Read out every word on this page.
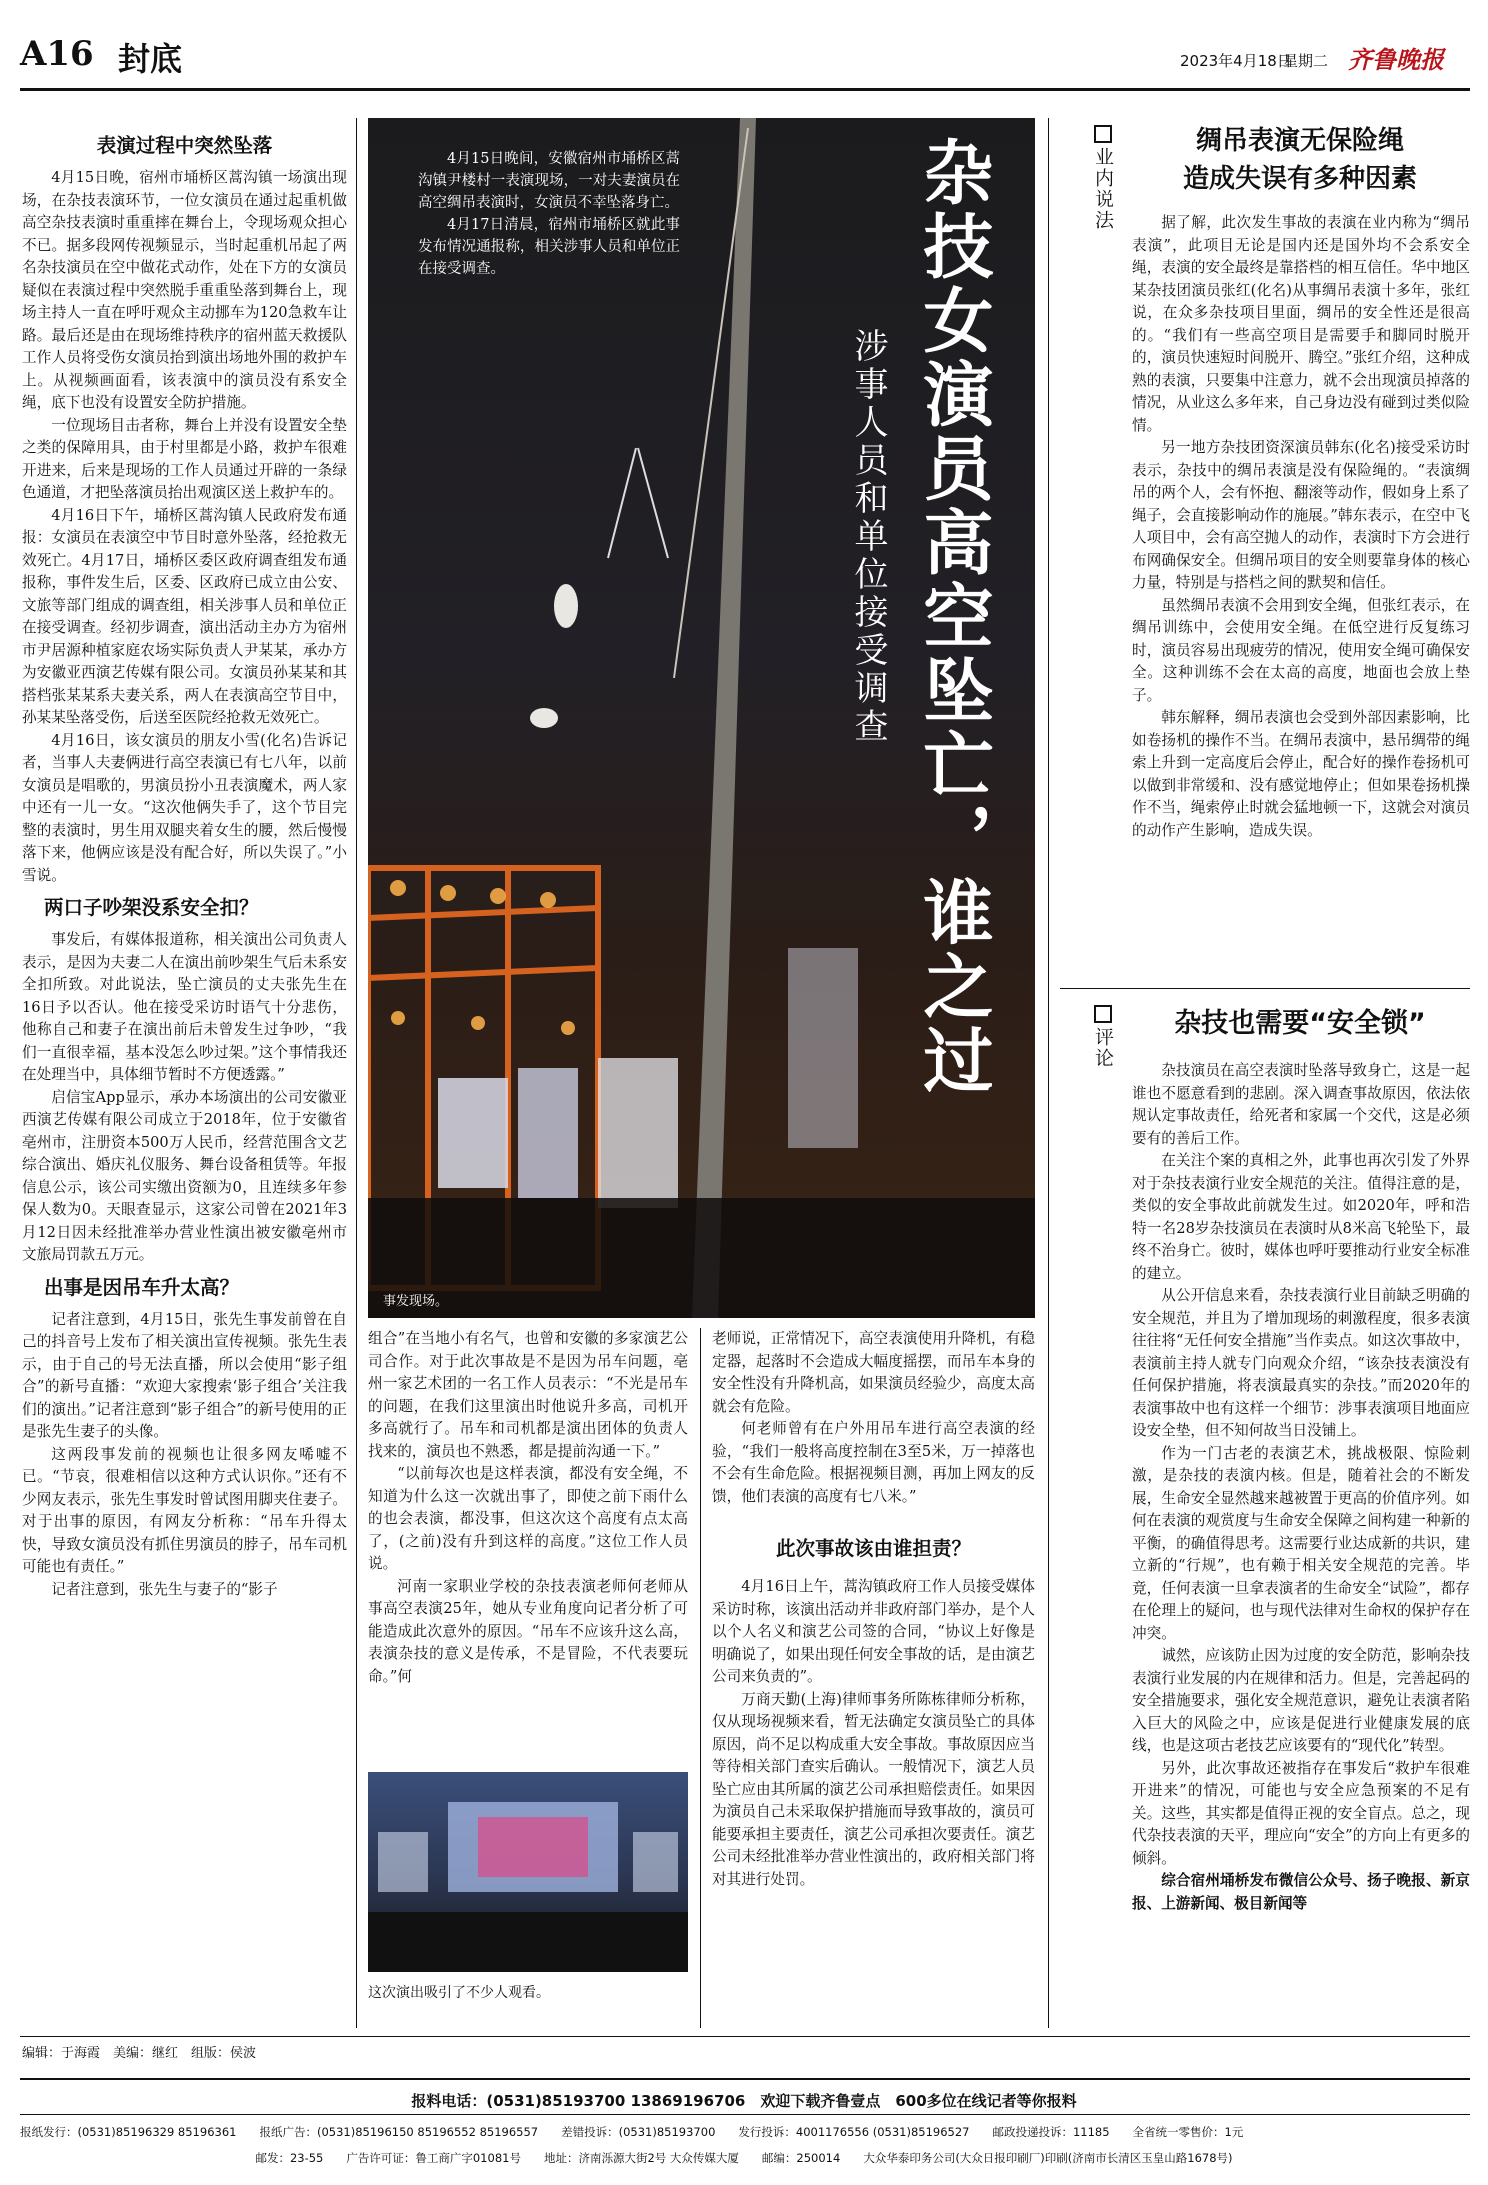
A16 封底	2023年4月18日
星期二 齐鲁晚报
表演过程中突然坠落

4月15日晚，宿州市埇桥区蒿沟镇一场演出现场，在杂技表演环节，一位女演员在通过起重机做高空杂技表演时重重摔在舞台上，令现场观众担心不已。据多段网传视频显示，当时起重机吊起了两名杂技演员在空中做花式动作，处在下方的女演员疑似在表演过程中突然脱手重重坠落到舞台上，现场主持人一直在呼吁观众主动挪车为120急救车让路。最后还是由在现场维持秩序的宿州蓝天救援队工作人员将受伤女演员抬到演出场地外围的救护车上。从视频画面看，该表演中的演员没有系安全绳，底下也没有设置安全防护措施。

一位现场目击者称，舞台上并没有设置安全垫之类的保障用具，由于村里都是小路，救护车很难开进来，后来是现场的工作人员通过开辟的一条绿色通道，才把坠落演员抬出观演区送上救护车的。

4月16日下午，埇桥区蒿沟镇人民政府发布通报：女演员在表演空中节目时意外坠落，经抢救无效死亡。4月17日，埇桥区委区政府调查组发布通报称，事件发生后，区委、区政府已成立由公安、文旅等部门组成的调查组，相关涉事人员和单位正在接受调查。经初步调查，演出活动主办方为宿州市尹居源种植家庭农场实际负责人尹某某，承办方为安徽亚西演艺传媒有限公司。女演员孙某某和其搭档张某某系夫妻关系，两人在表演高空节目中，孙某某坠落受伤，后送至医院经抢救无效死亡。

4月16日，该女演员的朋友小雪(化名)告诉记者，当事人夫妻俩进行高空表演已有七八年，以前女演员是唱歌的，男演员扮小丑表演魔术，两人家中还有一儿一女。“这次他俩失手了，这个节目完整的表演时，男生用双腿夹着女生的腰，然后慢慢落下来，他俩应该是没有配合好，所以失误了。”小雪说。

两口子吵架没系安全扣？

事发后，有媒体报道称，相关演出公司负责人表示，是因为夫妻二人在演出前吵架生气后未系安全扣所致。对此说法，坠亡演员的丈夫张先生在16日予以否认。他在接受采访时语气十分悲伤，他称自己和妻子在演出前后未曾发生过争吵，“我们一直很幸福，基本没怎么吵过架。”这个事情我还在处理当中，具体细节暂时不方便透露。”

启信宝App显示，承办本场演出的公司安徽亚西演艺传媒有限公司成立于2018年，位于安徽省亳州市，注册资本500万人民币，经营范围含文艺综合演出、婚庆礼仪服务、舞台设备租赁等。年报信息公示，该公司实缴出资额为0，且连续多年参保人数为0。天眼查显示，这家公司曾在2021年3月12日因未经批准举办营业性演出被安徽亳州市文旅局罚款五万元。

出事是因吊车升太高？

记者注意到，4月15日，张先生事发前曾在自己的抖音号上发布了相关演出宣传视频。张先生表示，由于自己的号无法直播，所以会使用“影子组合”的新号直播：“欢迎大家搜索‘影子组合’关注我们的演出。”记者注意到“影子组合”的新号使用的正是张先生妻子的头像。

这两段事发前的视频也让很多网友唏嘘不已。“节哀，很难相信以这种方式认识你。”还有不少网友表示，张先生事发时曾试图用脚夹住妻子。对于出事的原因，有网友分析称：“吊车升得太快，导致女演员没有抓住男演员的脖子，吊车司机可能也有责任。”

记者注意到，张先生与妻子的“影子

4月15日晚间，安徽宿州市埇桥区蒿沟镇尹楼村一表演现场，一对夫妻演员在高空绸吊表演时，女演员不幸坠落身亡。

4月17日清晨，宿州市埇桥区就此事发布情况通报称，相关涉事人员和单位正在接受调查。	杂技女演员高空坠亡，谁之过
涉事人员和单位接受调查
事发现场。

组合”在当地小有名气，也曾和安徽的多家演艺公司合作。对于此次事故是不是因为吊车问题，亳州一家艺术团的一名工作人员表示：“不光是吊车的问题，在我们这里演出时他说升多高，司机开多高就行了。吊车和司机都是演出团体的负责人找来的，演员也不熟悉，都是提前沟通一下。”

“以前每次也是这样表演，都没有安全绳，不知道为什么这一次就出事了，即使之前下雨什么的也会表演，都没事，但这次这个高度有点太高了，(之前)没有升到这样的高度。”这位工作人员说。

河南一家职业学校的杂技表演老师何老师从事高空表演25年，她从专业角度向记者分析了可能造成此次意外的原因。“吊车不应该升这么高，表演杂技的意义是传承，不是冒险，不代表要玩命。”何

这次演出吸引了不少人观看。

老师说，正常情况下，高空表演使用升降机，有稳定器，起落时不会造成大幅度摇摆，而吊车本身的安全性没有升降机高，如果演员经验少，高度太高就会有危险。

何老师曾有在户外用吊车进行高空表演的经验，“我们一般将高度控制在3至5米，万一掉落也不会有生命危险。根据视频目测，再加上网友的反馈，他们表演的高度有七八米。”

此次事故该由谁担责？

4月16日上午，蒿沟镇政府工作人员接受媒体采访时称，该演出活动并非政府部门举办，是个人以个人名义和演艺公司签的合同，“协议上好像是明确说了，如果出现任何安全事故的话，是由演艺公司来负责的”。

万商天勤(上海)律师事务所陈栋律师分析称，仅从现场视频来看，暂无法确定女演员坠亡的具体原因，尚不足以构成重大安全事故。事故原因应当等待相关部门查实后确认。一般情况下，演艺人员坠亡应由其所属的演艺公司承担赔偿责任。如果因为演员自己未采取保护措施而导致事故的，演员可能要承担主要责任，演艺公司承担次要责任。演艺公司未经批准举办营业性演出的，政府相关部门将对其进行处罚。

业内说法
绸吊表演无保险绳
造成失误有多种因素

据了解，此次发生事故的表演在业内称为“绸吊表演”，此项目无论是国内还是国外均不会系安全绳，表演的安全最终是靠搭档的相互信任。华中地区某杂技团演员张红(化名)从事绸吊表演十多年，张红说，在众多杂技项目里面，绸吊的安全性还是很高的。“我们有一些高空项目是需要手和脚同时脱开的，演员快速短时间脱开、腾空。”张红介绍，这种成熟的表演，只要集中注意力，就不会出现演员掉落的情况，从业这么多年来，自己身边没有碰到过类似险情。

另一地方杂技团资深演员韩东(化名)接受采访时表示，杂技中的绸吊表演是没有保险绳的。“表演绸吊的两个人，会有怀抱、翻滚等动作，假如身上系了绳子，会直接影响动作的施展。”韩东表示，在空中飞人项目中，会有高空抛人的动作，表演时下方会进行布网确保安全。但绸吊项目的安全则要靠身体的核心力量，特别是与搭档之间的默契和信任。

虽然绸吊表演不会用到安全绳，但张红表示，在绸吊训练中，会使用安全绳。在低空进行反复练习时，演员容易出现疲劳的情况，使用安全绳可确保安全。这种训练不会在太高的高度，地面也会放上垫子。

韩东解释，绸吊表演也会受到外部因素影响，比如卷扬机的操作不当。在绸吊表演中，悬吊绸带的绳索上升到一定高度后会停止，配合好的操作卷扬机可以做到非常缓和、没有感觉地停止；但如果卷扬机操作不当，绳索停止时就会猛地顿一下，这就会对演员的动作产生影响，造成失误。

评论
杂技也需要“安全锁”

杂技演员在高空表演时坠落导致身亡，这是一起谁也不愿意看到的悲剧。深入调查事故原因，依法依规认定事故责任，给死者和家属一个交代，这是必须要有的善后工作。

在关注个案的真相之外，此事也再次引发了外界对于杂技表演行业安全规范的关注。值得注意的是，类似的安全事故此前就发生过。如2020年，呼和浩特一名28岁杂技演员在表演时从8米高飞轮坠下，最终不治身亡。彼时，媒体也呼吁要推动行业安全标准的建立。

从公开信息来看，杂技表演行业目前缺乏明确的安全规范，并且为了增加现场的刺激程度，很多表演往往将“无任何安全措施”当作卖点。如这次事故中，表演前主持人就专门向观众介绍，“该杂技表演没有任何保护措施，将表演最真实的杂技。”而2020年的表演事故中也有这样一个细节：涉事表演项目地面应设安全垫，但不知何故当日没铺上。

作为一门古老的表演艺术，挑战极限、惊险刺激，是杂技的表演内核。但是，随着社会的不断发展，生命安全显然越来越被置于更高的价值序列。如何在表演的观赏度与生命安全保障之间构建一种新的平衡，的确值得思考。这需要行业达成新的共识，建立新的“行规”，也有赖于相关安全规范的完善。毕竟，任何表演一旦拿表演者的生命安全“试险”，都存在伦理上的疑问，也与现代法律对生命权的保护存在冲突。

诚然，应该防止因为过度的安全防范，影响杂技表演行业发展的内在规律和活力。但是，完善起码的安全措施要求，强化安全规范意识，避免让表演者陷入巨大的风险之中，应该是促进行业健康发展的底线，也是这项古老技艺应该要有的“现代化”转型。

另外，此次事故还被指存在事发后“救护车很难开进来”的情况，可能也与安全应急预案的不足有关。这些，其实都是值得正视的安全盲点。总之，现代杂技表演的天平，理应向“安全”的方向上有更多的倾斜。

综合宿州埇桥发布微信公众号、扬子晚报、新京报、上游新闻、极目新闻等

编辑：于海霞　美编：继红　组版：侯波
报料电话：(0531)85193700 13869196706　欢迎下载齐鲁壹点　600多位在线记者等你报料
报纸发行：(0531)85196329 85196361　　报纸广告：(0531)85196150 85196552 85196557　　差错投诉：(0531)85193700　　发行投诉：4001176556 (0531)85196527　　邮政投递投诉：11185　　全省统一零售价：1元
邮发：23-55　　广告许可证：鲁工商广字01081号　　地址：济南泺源大街2号 大众传媒大厦　　邮编：250014　　大众华泰印务公司(大众日报印刷厂)印刷(济南市长清区玉皇山路1678号)
